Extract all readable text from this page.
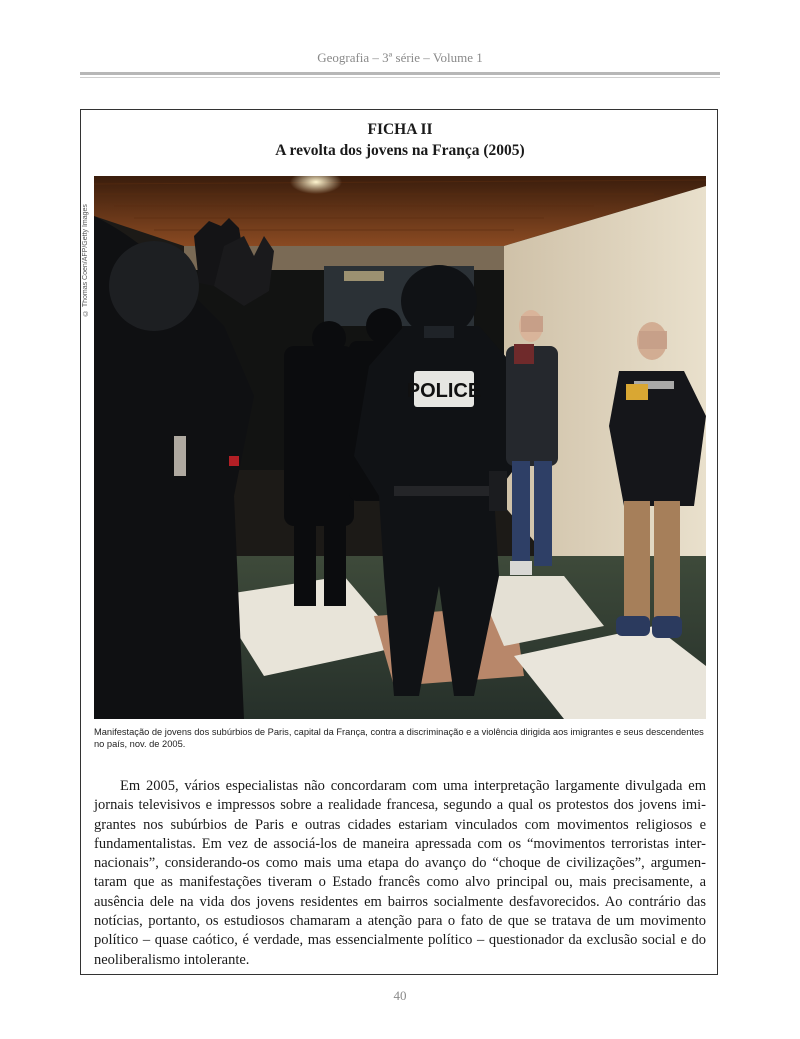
Geografia – 3ª série – Volume 1
FICHA II
A revolta dos jovens na França (2005)
© Thomas Coen/AFP/Getty Images
POLICE
Manifestação de jovens dos subúrbios de Paris, capital da França, contra a discriminação e a violência dirigida aos imigrantes e seus descendentes no país, nov. de 2005.
Em 2005, vários especialistas não concordaram com uma interpretação largamente divulgada em
jornais televisivos e impressos sobre a realidade francesa, segundo a qual os protestos dos jovens imi-
grantes nos subúrbios de Paris e outras cidades estariam vinculados com movimentos religiosos e
fundamentalistas. Em vez de associá-los de maneira apressada com os “movimentos terroristas inter-
nacionais”, considerando-os como mais uma etapa do avanço do “choque de civilizações”, argumen-
taram que as manifestações tiveram o Estado francês como alvo principal ou, mais precisamente, a
ausência dele na vida dos jovens residentes em bairros socialmente desfavorecidos. Ao contrário das
notícias, portanto, os estudiosos chamaram a atenção para o fato de que se tratava de um movimento
político – quase caótico, é verdade, mas essencialmente político – questionador da exclusão social e do
neoliberalismo intolerante.
40
